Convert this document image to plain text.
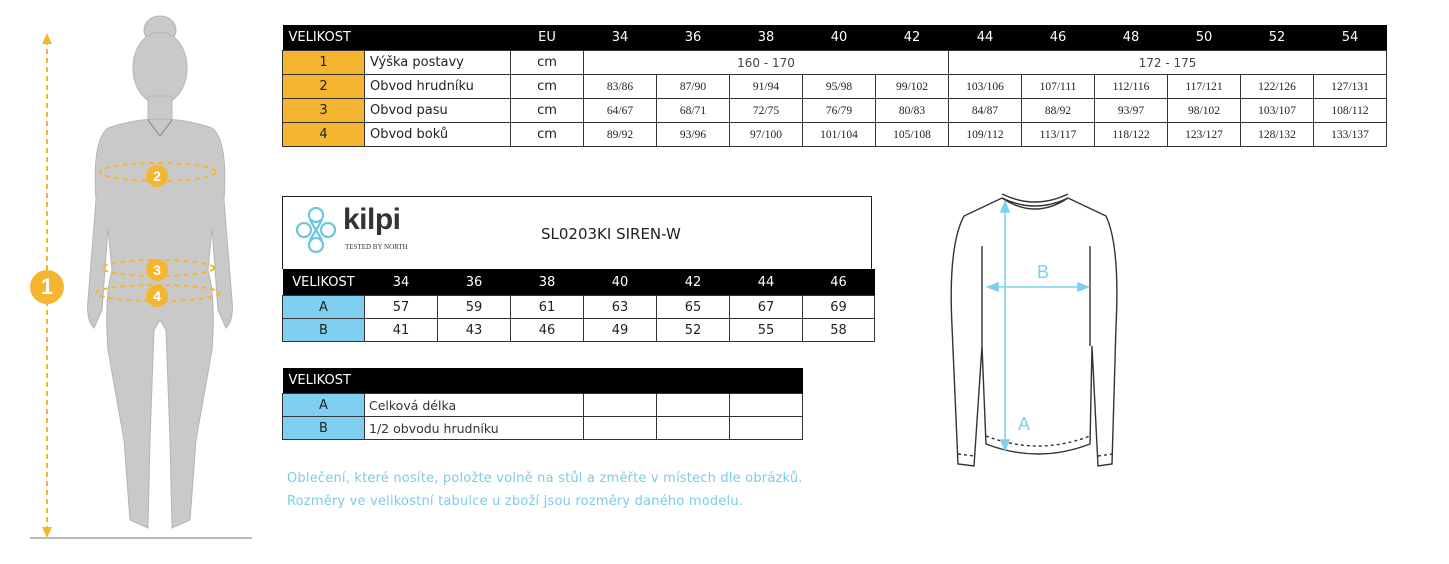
1
2
3
4
VELIKOST		EU	34	36	38	40	42	44	46	48	50	52	54
1	Výška postavy	cm	160 - 170					172 - 175					
2	Obvod hrudníku	cm	83/86	87/90	91/94	95/98	99/102	103/106	107/111	112/116	117/121	122/126	127/131
3	Obvod pasu	cm	64/67	68/71	72/75	76/79	80/83	84/87	88/92	93/97	98/102	103/107	108/112
4	Obvod boků	cm	89/92	93/96	97/100	101/104	105/108	109/112	113/117	118/122	123/127	128/132	133/137
kilpi
TESTED BY NORTH
SL0203KI SIREN-W
VELIKOST	34	36	38	40	42	44	46
A	57	59	61	63	65	67	69
B	41	43	46	49	52	55	58
VELIKOST				
A	Celková délka			
B	1/2 obvodu hrudníku			
Oblečení, které nosíte, položte volně na stůl a změřte v místech dle obrázků.
Rozměry ve velikostní tabulce u zboží jsou rozměry daného modelu.
B
A
